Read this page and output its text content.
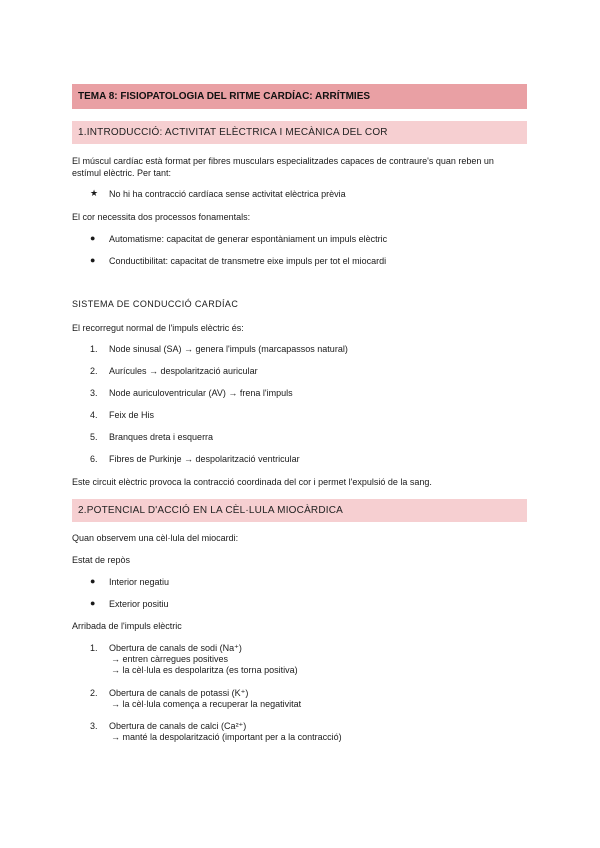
TEMA 8: FISIOPATOLOGIA DEL RITME CARDÍAC: ARRÍTMIES
1.INTRODUCCIÓ: ACTIVITAT ELÈCTRICA I MECÀNICA DEL COR
El múscul cardíac està format per fibres musculars especialitzades capaces de contraure's quan reben un
estímul elèctric. Per tant:
★ No hi ha contracció cardíaca sense activitat elèctrica prèvia
El cor necessita dos processos fonamentals:
● Automatisme: capacitat de generar espontàniament un impuls elèctric
● Conductibilitat: capacitat de transmetre eixe impuls per tot el miocardi
SISTEMA DE CONDUCCIÓ CARDÍAC
El recorregut normal de l'impuls elèctric és:
1. Node sinusal (SA) → genera l'impuls (marcapassos natural)
2. Aurícules → despolarització auricular
3. Node auriculoventricular (AV) → frena l'impuls
4. Feix de His
5. Branques dreta i esquerra
6. Fibres de Purkinje → despolarització ventricular
Este circuit elèctric provoca la contracció coordinada del cor i permet l'expulsió de la sang.
2.POTENCIAL D'ACCIÓ EN LA CÈL·LULA MIOCÀRDICA
Quan observem una cèl·lula del miocardi:
Estat de repòs
● Interior negatiu
● Exterior positiu
Arribada de l'impuls elèctric
1. Obertura de canals de sodi (Na⁺)
→ entren càrregues positives
→ la cèl·lula es despolaritza (es torna positiva)
2. Obertura de canals de potassi (K⁺)
→ la cèl·lula comença a recuperar la negativitat
3. Obertura de canals de calci (Ca²⁺)
→ manté la despolarització (important per a la contracció)
